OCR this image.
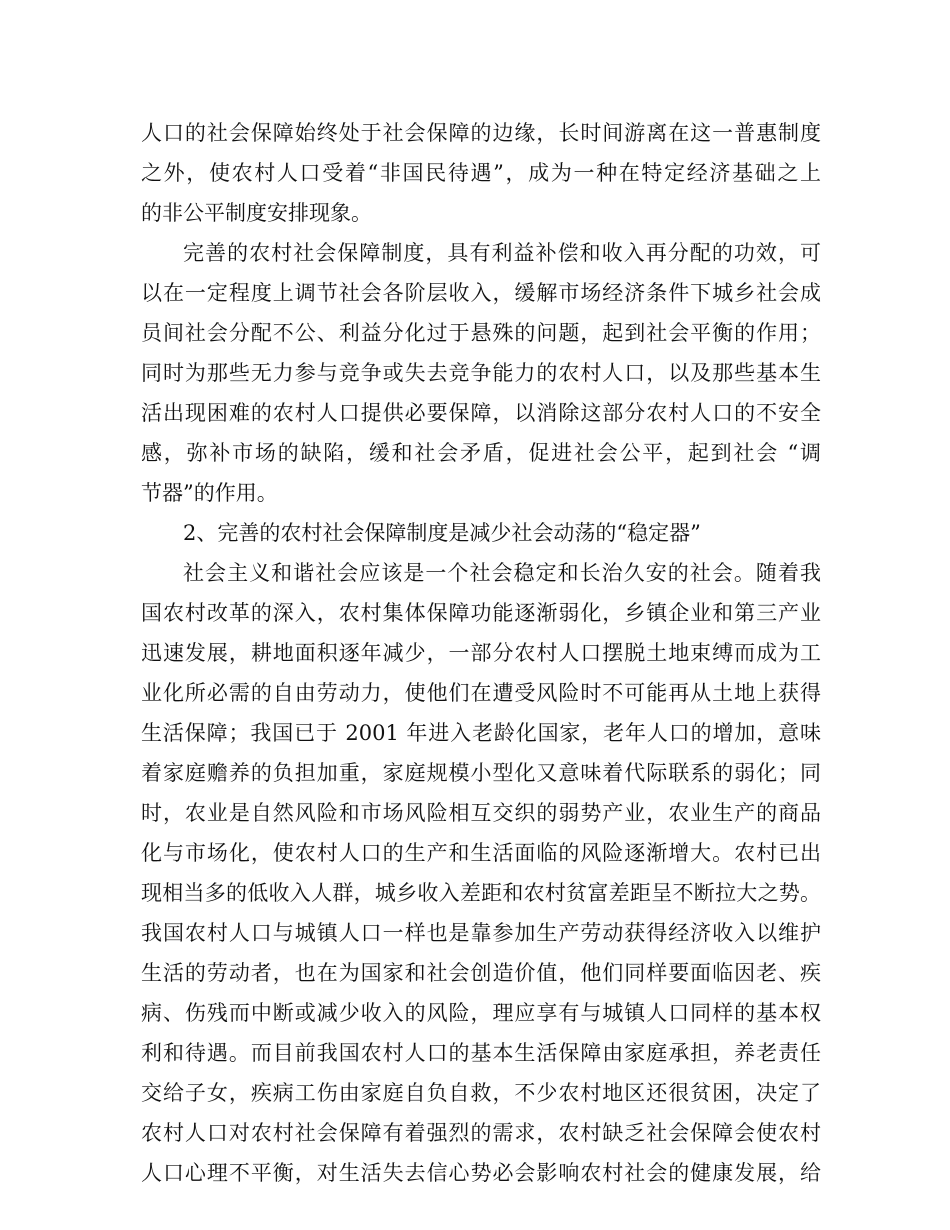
人口的社会保障始终处于社会保障的边缘，长时间游离在这一普惠制度
之外，使农村人口受着“非国民待遇”，成为一种在特定经济基础之上
的非公平制度安排现象。
完善的农村社会保障制度，具有利益补偿和收入再分配的功效，可
以在一定程度上调节社会各阶层收入，缓解市场经济条件下城乡社会成
员间社会分配不公、利益分化过于悬殊的问题，起到社会平衡的作用；
同时为那些无力参与竞争或失去竞争能力的农村人口，以及那些基本生
活出现困难的农村人口提供必要保障，以消除这部分农村人口的不安全
感，弥补市场的缺陷，缓和社会矛盾，促进社会公平，起到社会 “调
节器”的作用。
2、完善的农村社会保障制度是减少社会动荡的“稳定器”
社会主义和谐社会应该是一个社会稳定和长治久安的社会。随着我
国农村改革的深入，农村集体保障功能逐渐弱化，乡镇企业和第三产业
迅速发展，耕地面积逐年减少，一部分农村人口摆脱土地束缚而成为工
业化所必需的自由劳动力，使他们在遭受风险时不可能再从土地上获得
生活保障；我国已于 2001 年进入老龄化国家，老年人口的增加，意味
着家庭赡养的负担加重，家庭规模小型化又意味着代际联系的弱化；同
时，农业是自然风险和市场风险相互交织的弱势产业，农业生产的商品
化与市场化，使农村人口的生产和生活面临的风险逐渐增大。农村已出
现相当多的低收入人群，城乡收入差距和农村贫富差距呈不断拉大之势。
我国农村人口与城镇人口一样也是靠参加生产劳动获得经济收入以维护
生活的劳动者，也在为国家和社会创造价值，他们同样要面临因老、疾
病、伤残而中断或减少收入的风险，理应享有与城镇人口同样的基本权
利和待遇。而目前我国农村人口的基本生活保障由家庭承担，养老责任
交给子女，疾病工伤由家庭自负自救，不少农村地区还很贫困，决定了
农村人口对农村社会保障有着强烈的需求，农村缺乏社会保障会使农村
人口心理不平衡，对生活失去信心势必会影响农村社会的健康发展，给
